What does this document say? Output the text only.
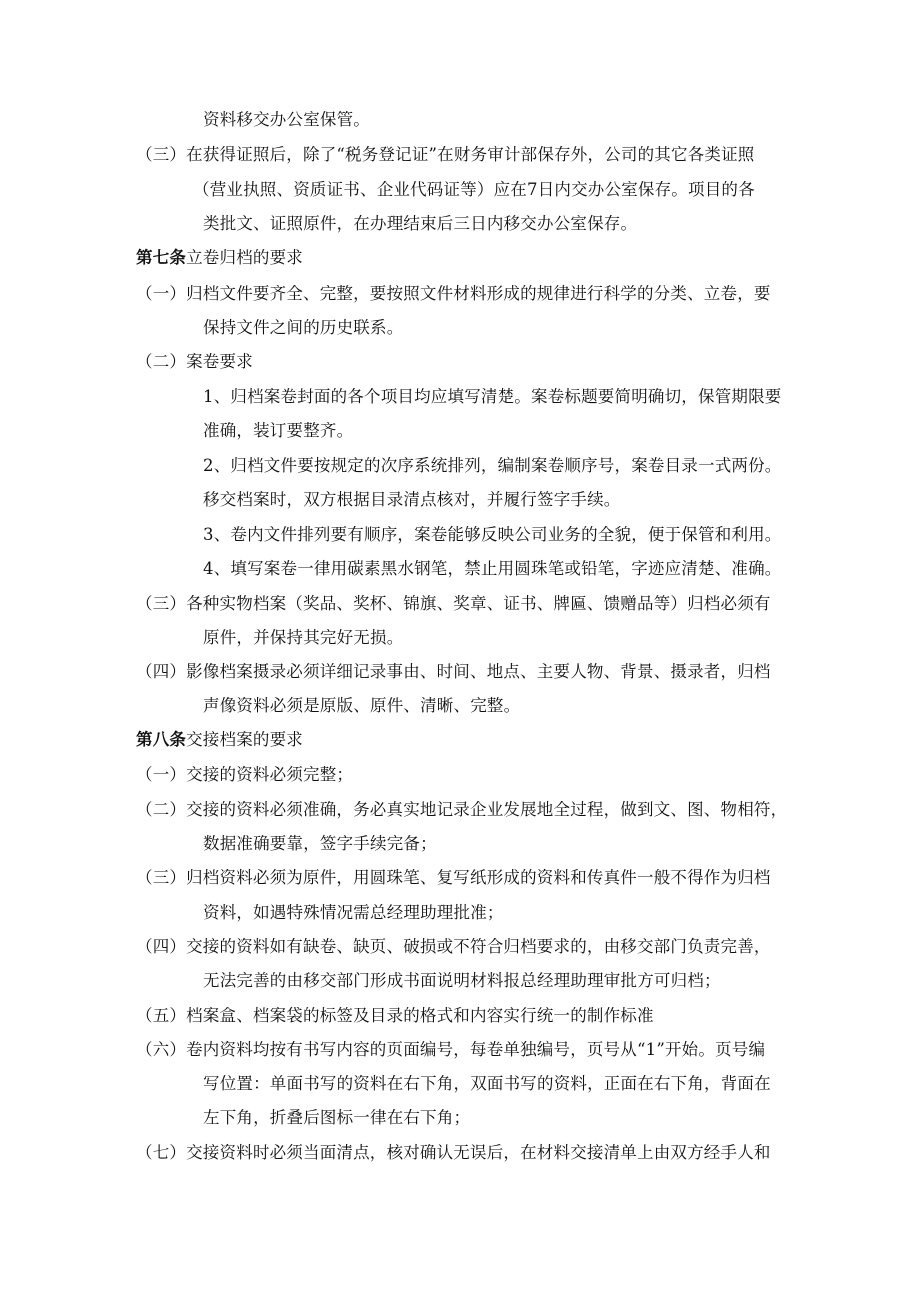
资料移交办公室保管。
（三）在获得证照后，除了“税务登记证”在财务审计部保存外，公司的其它各类证照
（营业执照、资质证书、企业代码证等）应在7日内交办公室保存。项目的各
类批文、证照原件，在办理结束后三日内移交办公室保存。
第七条立卷归档的要求
（一）归档文件要齐全、完整，要按照文件材料形成的规律进行科学的分类、立卷，要
保持文件之间的历史联系。
（二）案卷要求
1、归档案卷封面的各个项目均应填写清楚。案卷标题要简明确切，保管期限要
准确，装订要整齐。
2、归档文件要按规定的次序系统排列，编制案卷顺序号，案卷目录一式两份。
移交档案时，双方根据目录清点核对，并履行签字手续。
3、卷内文件排列要有顺序，案卷能够反映公司业务的全貌，便于保管和利用。
4、填写案卷一律用碳素黑水钢笔，禁止用圆珠笔或铅笔，字迹应清楚、准确。
（三）各种实物档案（奖品、奖杯、锦旗、奖章、证书、牌匾、馈赠品等）归档必须有
原件，并保持其完好无损。
（四）影像档案摄录必须详细记录事由、时间、地点、主要人物、背景、摄录者，归档
声像资料必须是原版、原件、清晰、完整。
第八条交接档案的要求
（一）交接的资料必须完整；
（二）交接的资料必须准确，务必真实地记录企业发展地全过程，做到文、图、物相符，
数据准确要靠，签字手续完备；
（三）归档资料必须为原件，用圆珠笔、复写纸形成的资料和传真件一般不得作为归档
资料，如遇特殊情况需总经理助理批准；
（四）交接的资料如有缺卷、缺页、破损或不符合归档要求的，由移交部门负责完善，
无法完善的由移交部门形成书面说明材料报总经理助理审批方可归档；
（五）档案盒、档案袋的标签及目录的格式和内容实行统一的制作标准
（六）卷内资料均按有书写内容的页面编号，每卷单独编号，页号从“1”开始。页号编
写位置：单面书写的资料在右下角，双面书写的资料，正面在右下角，背面在
左下角，折叠后图标一律在右下角；
（七）交接资料时必须当面清点，核对确认无误后，在材料交接清单上由双方经手人和
